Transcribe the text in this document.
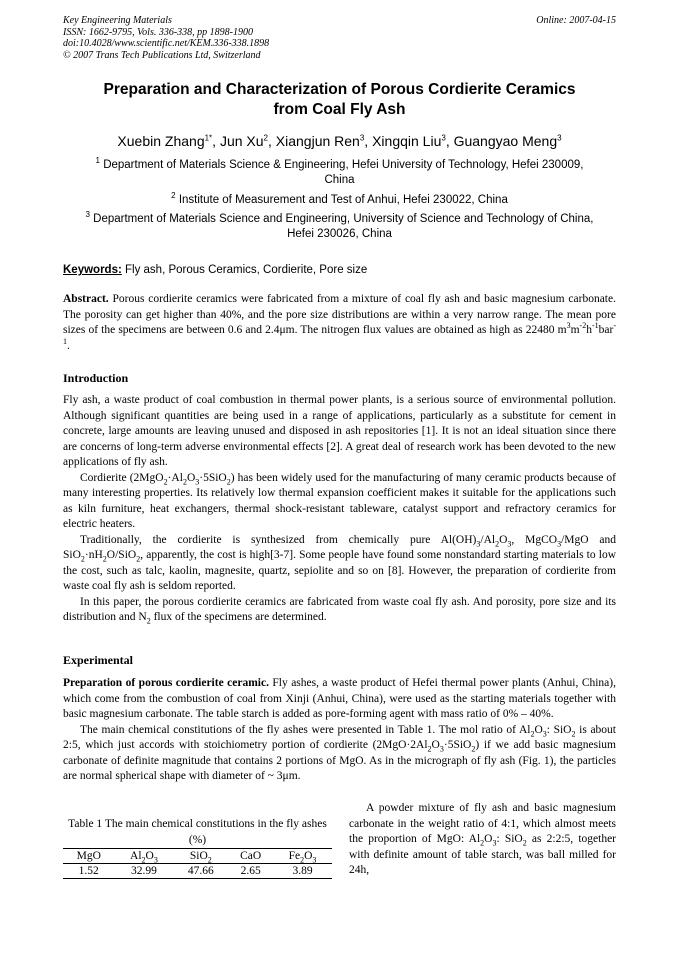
Key Engineering Materials
ISSN: 1662-9795, Vols. 336-338, pp 1898-1900
doi:10.4028/www.scientific.net/KEM.336-338.1898
© 2007 Trans Tech Publications Ltd, Switzerland
Online: 2007-04-15
Preparation and Characterization of Porous Cordierite Ceramics
from Coal Fly Ash
Xuebin Zhang$^{1*}$, Jun Xu$^2$, Xiangjun Ren$^3$, Xingqin Liu$^3$, Guangyao Meng$^3$
$^1$ Department of Materials Science & Engineering, Hefei University of Technology, Hefei 230009,
China
$^2$ Institute of Measurement and Test of Anhui, Hefei 230022, China
$^3$ Department of Materials Science and Engineering, University of Science and Technology of China,
Hefei 230026, China
Keywords: Fly ash, Porous Ceramics, Cordierite, Pore size

Abstract. Porous cordierite ceramics were fabricated from a mixture of coal fly ash and basic magnesium carbonate. The porosity can get higher than 40%, and the pore size distributions are within a very narrow range. The mean pore sizes of the specimens are between 0.6 and 2.4μm. The nitrogen flux values are obtained as high as 22480 $m^3m^{-2}h^{-1}bar^{-1}$.

Introduction

Fly ash, a waste product of coal combustion in thermal power plants, is a serious source of environmental pollution. Although significant quantities are being used in a range of applications, particularly as a substitute for cement in concrete, large amounts are leaving unused and disposed in ash repositories [1]. It is not an ideal situation since there are concerns of long-term adverse environmental effects [2]. A great deal of research work has been devoted to the new applications of fly ash.

Cordierite $(2MgO_2\cdot Al_2O_3\cdot 5SiO_2)$ has been widely used for the manufacturing of many ceramic products because of many interesting properties. Its relatively low thermal expansion coefficient makes it suitable for the applications such as kiln furniture, heat exchangers, thermal shock-resistant tableware, catalyst support and refractory ceramics for electric heaters.

Traditionally, the cordierite is synthesized from chemically pure $Al(OH)_3/Al_2O_3$, MgCO$_3$/MgO and $SiO_2\cdot nH_2O/SiO_2$, apparently, the cost is high[3-7]. Some people have found some nonstandard starting materials to low the cost, such as talc, kaolin, magnesite, quartz, sepiolite and so on [8]. However, the preparation of cordierite from waste coal fly ash is seldom reported.

In this paper, the porous cordierite ceramics are fabricated from waste coal fly ash. And porosity, pore size and its distribution and $N_2$ flux of the specimens are determined.

Experimental

Preparation of porous cordierite ceramic. Fly ashes, a waste product of Hefei thermal power plants (Anhui, China), which come from the combustion of coal from Xinji (Anhui, China), were used as the starting materials together with basic magnesium carbonate. The table starch is added as pore-forming agent with mass ratio of 0% – 40%.

The main chemical constitutions of the fly ashes were presented in Table 1. The mol ratio of $Al_2O_3$: SiO$_2$ is about 2:5, which just accords with stoichiometry portion of cordierite $(2MgO\cdot 2Al_2O_3\cdot 5SiO_2)$ if we add basic magnesium carbonate of definite magnitude that contains 2 portions of MgO. As in the micrograph of fly ash (Fig. 1), the particles are normal spherical shape with diameter of ~ 3μm.

Table 1 The main chemical constitutions in the fly ashes (%)
MgO	$Al_2O_3$	SiO$_2$	CaO	$Fe_2O_3$
1.52	32.99	47.66	2.65	3.89

A powder mixture of fly ash and basic magnesium carbonate in the weight ratio of 4:1, which almost meets the proportion of MgO: $Al_2O_3$: SiO$_2$ as 2:2:5, together with definite amount of table starch, was ball milled for 24h,
